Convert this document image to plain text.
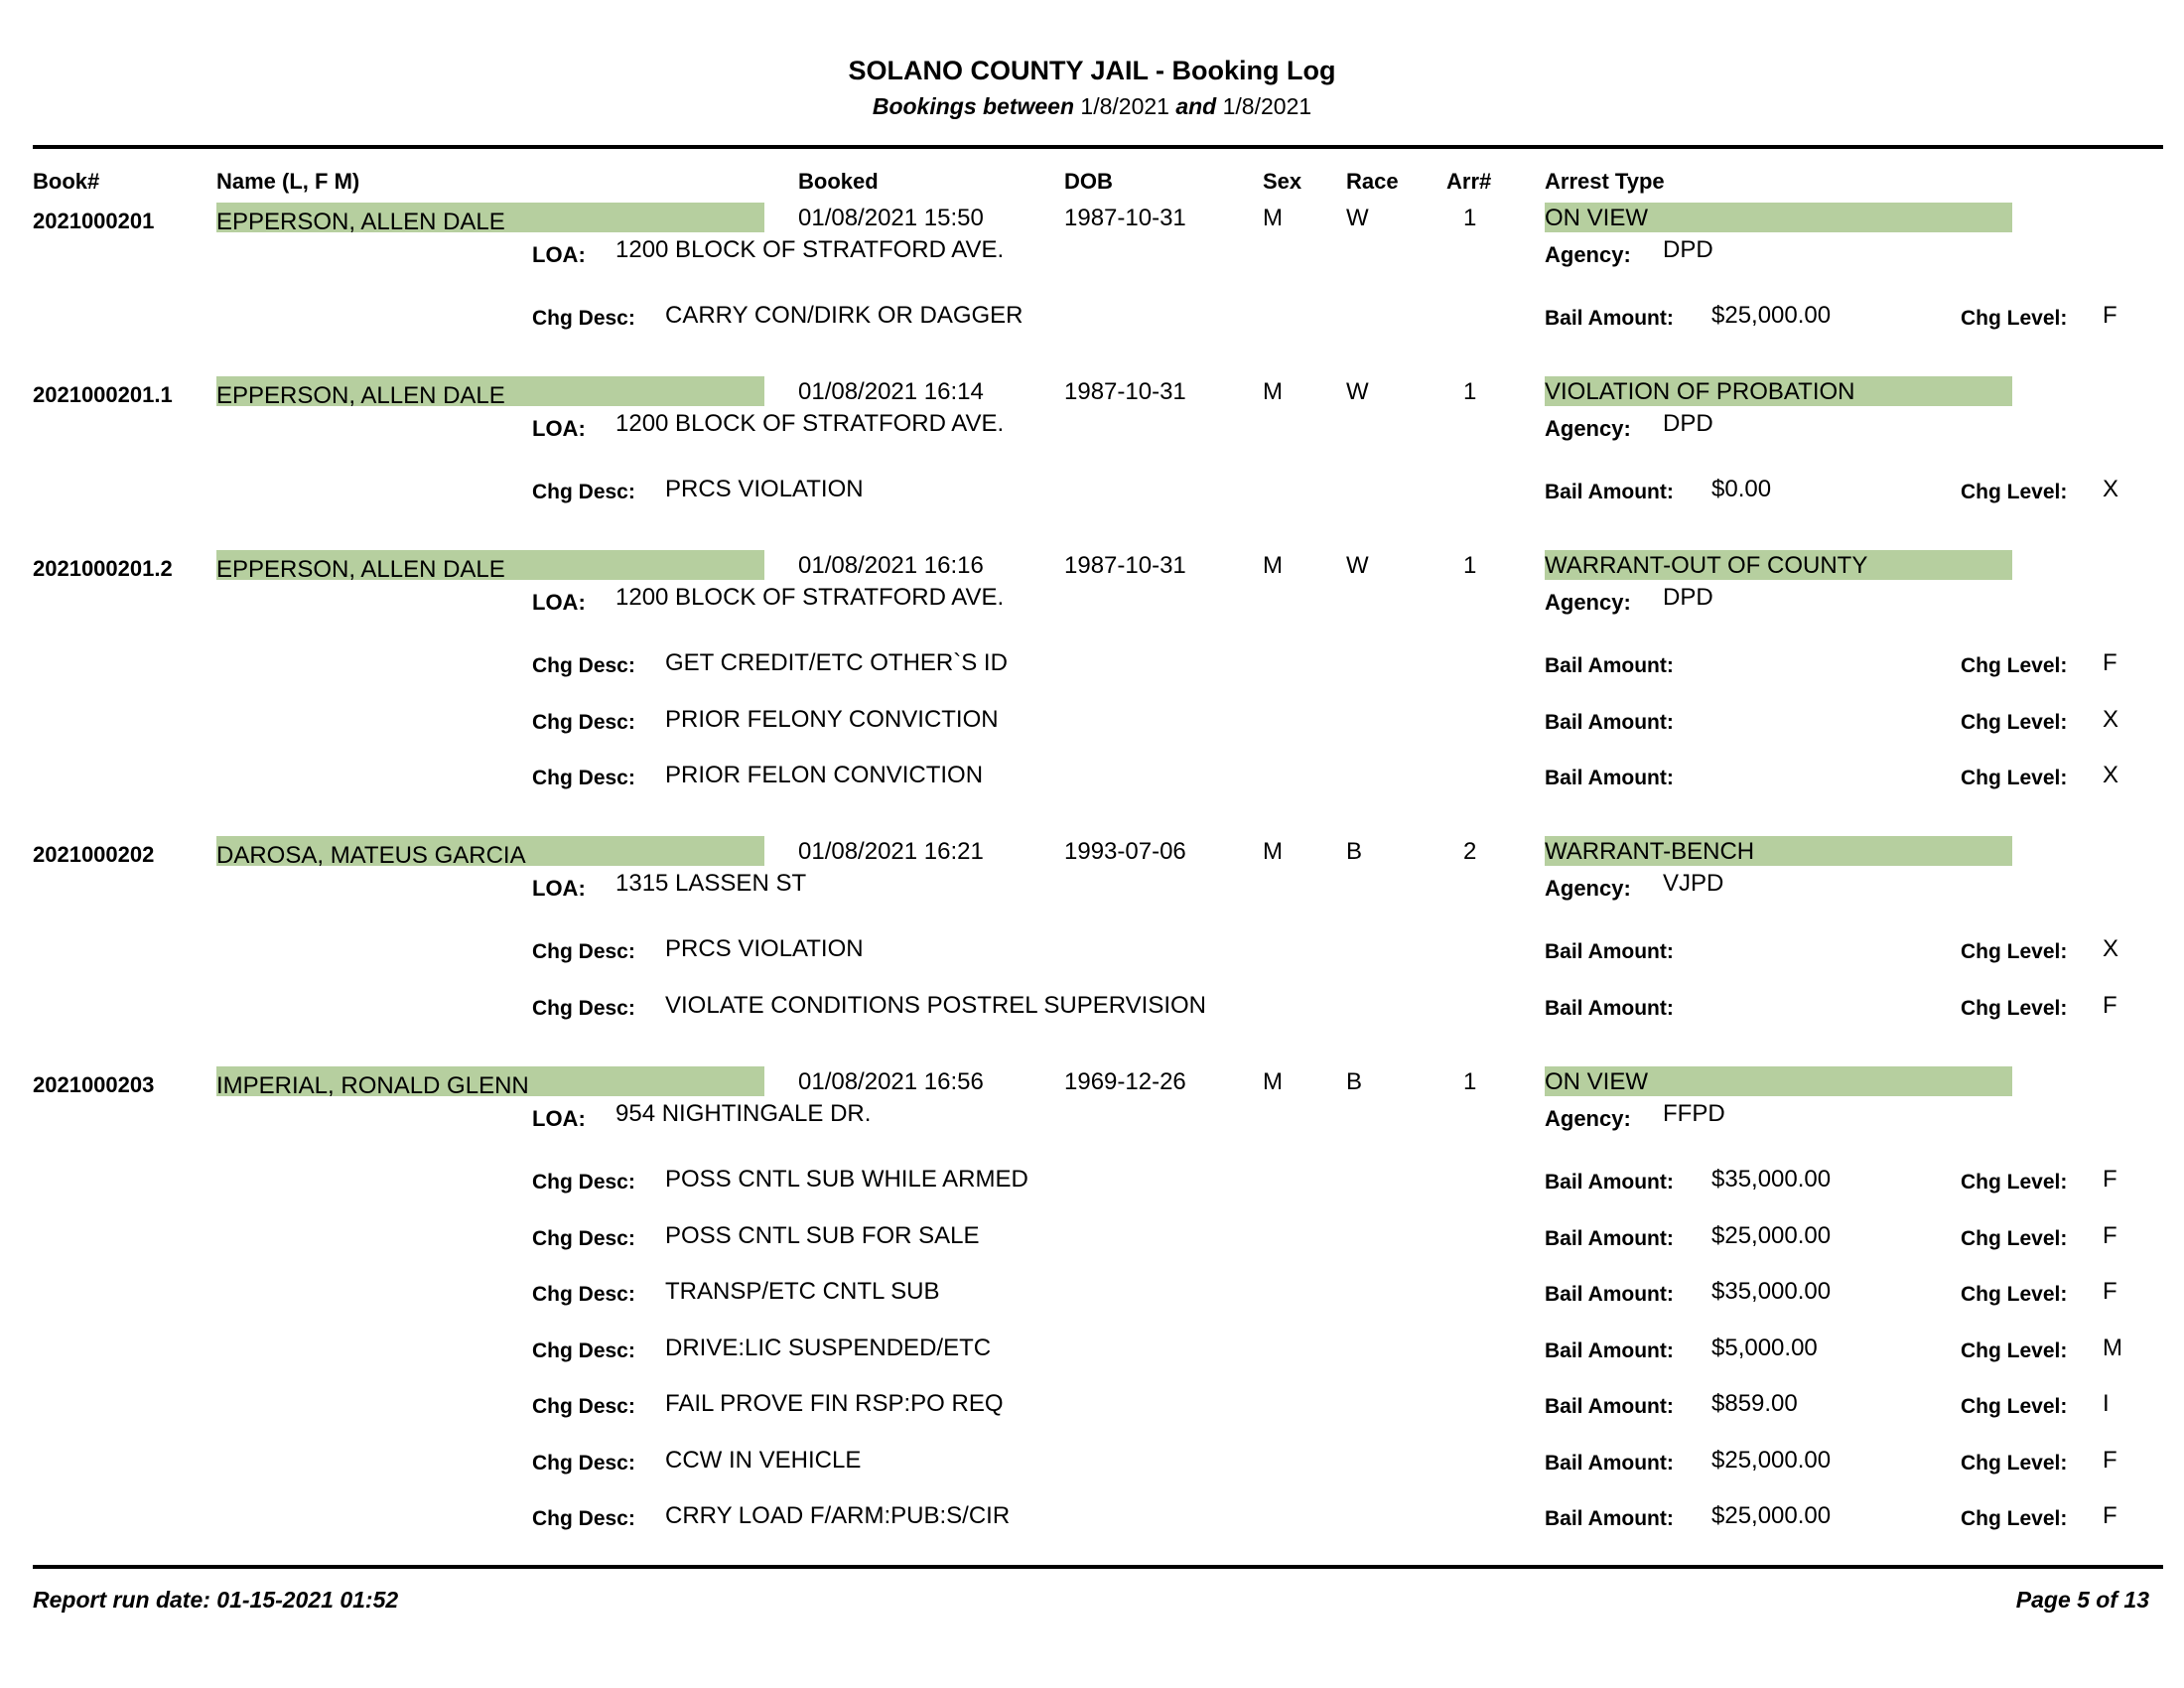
SOLANO COUNTY JAIL - Booking Log
Bookings between 1/8/2021 and 1/8/2021
Book#	Name (L, F M)	Booked	DOB	Sex Race Arr# Arrest Type
2021000201	EPPERSON, ALLEN DALE	01/08/2021 15:50	1987-10-31	M	W	1	ON VIEW
LOA: 1200 BLOCK OF STRATFORD AVE.	Agency: DPD
Chg Desc: CARRY CON/DIRK OR DAGGER	Bail Amount: $25,000.00	Chg Level: F
2021000201.1 EPPERSON, ALLEN DALE	01/08/2021 16:14	1987-10-31	M	W	1	VIOLATION OF PROBATION
LOA: 1200 BLOCK OF STRATFORD AVE.	Agency: DPD
Chg Desc: PRCS VIOLATION	Bail Amount: $0.00	Chg Level: X
2021000201.2 EPPERSON, ALLEN DALE	01/08/2021 16:16	1987-10-31	M	W	1	WARRANT-OUT OF COUNTY
LOA: 1200 BLOCK OF STRATFORD AVE.	Agency: DPD
Chg Desc: GET CREDIT/ETC OTHER`S ID	Bail Amount:	Chg Level: F
Chg Desc: PRIOR FELONY CONVICTION	Bail Amount:	Chg Level: X
Chg Desc: PRIOR FELON CONVICTION	Bail Amount:	Chg Level: X
2021000202	DAROSA, MATEUS GARCIA	01/08/2021 16:21	1993-07-06	M	B	2	WARRANT-BENCH
LOA: 1315 LASSEN ST	Agency: VJPD
Chg Desc: PRCS VIOLATION	Bail Amount:	Chg Level: X
Chg Desc: VIOLATE CONDITIONS POSTREL SUPERVISION	Bail Amount:	Chg Level: F
2021000203	IMPERIAL, RONALD GLENN	01/08/2021 16:56	1969-12-26	M	B	1	ON VIEW
LOA: 954 NIGHTINGALE DR.	Agency: FFPD
Chg Desc: POSS CNTL SUB WHILE ARMED	Bail Amount: $35,000.00	Chg Level: F
Chg Desc: POSS CNTL SUB FOR SALE	Bail Amount: $25,000.00	Chg Level: F
Chg Desc: TRANSP/ETC CNTL SUB	Bail Amount: $35,000.00	Chg Level: F
Chg Desc: DRIVE:LIC SUSPENDED/ETC	Bail Amount: $5,000.00	Chg Level: M
Chg Desc: FAIL PROVE FIN RSP:PO REQ	Bail Amount: $859.00	Chg Level: I
Chg Desc: CCW IN VEHICLE	Bail Amount: $25,000.00	Chg Level: F
Chg Desc: CRRY LOAD F/ARM:PUB:S/CIR	Bail Amount: $25,000.00	Chg Level: F
Report run date: 01-15-2021 01:52	Page 5 of 13
